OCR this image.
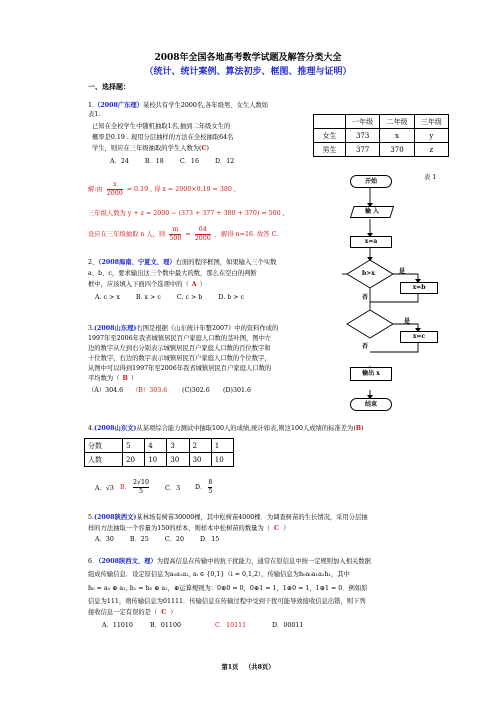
2008年全国各地高考数学试题及解答分类大全
（统计、统计案例、算法初步、框图、推理与证明）
一、选择题：
1.（2008广东理）某校共有学生2000名,各年级男、女生人数如
表1.
已知在全校学生中随机抽取1名,抽到二年级女生的
概率是0.19 . 现用分层抽样的方法在全校抽取64名
学生，则应在三年级抽取的学生人数为(C)
A．24        B．18        C．16        D．12
解:由 $\frac{x}{2000} = 0.19$ , 得 x = 2000×0.19 = 380 ,
三年级人数为 y + z = 2000 − (373 + 377 + 380 + 370) = 500 ,
设应在三年级抽取 n 人，则 $\frac{m}{500} = \frac{64}{2000}$ ，解得 n=16. 故答 C.
	一年级	二年级	三年级
女生	373	x	y
男生	377	370	z
表 1
开始
输 入
x=a
b>x	是
x=b
否
是
x=c
否
输出 x
结束
2、（2008海南、宁夏文、理）右面的程序框图，如果输入三个实数
a、b、c，要求输出这三个数中最大的数，那么在空白的判断
框中，应该填入下面四个选项中的（ A ）
A. c > x        B. x > c        C. c > b        D. b > c
3.(2008山东理)右图是根据《山东统计年整2007》中的资料作成的
1997年至2006年我省城镇居民百户家庭人口数的茎叶图，图中左
边的数字从左到右分别表示城镇居民百户家庭人口数的百位数字和
十位数字，右边的数字表示城镇居民百户家庭人口数的个位数字，
从图中可以得到1997年至2006年我省城镇居民百户家庭人口数的
平均数为（ B ）
（A）304.6 （B）303.6 (C)302.6 (D)301.6
4.(2008山东文)从某项综合能力测试中抽取100人的成绩,统计如表,则这100人成绩的标准差为(B)
分数	5	4	3	2	1
人数	20	10	30	30	10
A．√3 B． $\frac{2√10}{5}$	C．3 D． $\frac{8}{5}$
5.(2008陕西文)某林场有树苗30000棵，其中松树苗4000棵．为调查树苗的生长情况，采用分层抽
样的方法抽取一个容量为150的样本，则样本中松树苗的数量为（ C ）
A．30        B．25        C．20        D．15
6．（2008陕西文、理）为提高信息在传输中的抗干扰能力，通常在原信息中按一定规则加入相关数据
组成传输信息．设定原信息为a₀a₁a₂, aᵢ ∈ {0,1}（i = 0,1,2），传输信息为h₀a₀a₁a₂h₁，其中
h₀ = a₀ ⊕ a₁, h₁ = h₀ ⊕ a₂，⊕运算规则为：0⊕0 = 0，0⊕1 = 1，1⊕0 = 1，1⊕1 = 0．例如原
信息为111，则传输信息为01111．传输信息在传输过程中受到干扰可能导致接收信息出错，则下列
接收信息一定有误的是（ C ）
A．11010	B．01100	C．10111	D．00011
第1页   （共8页）
